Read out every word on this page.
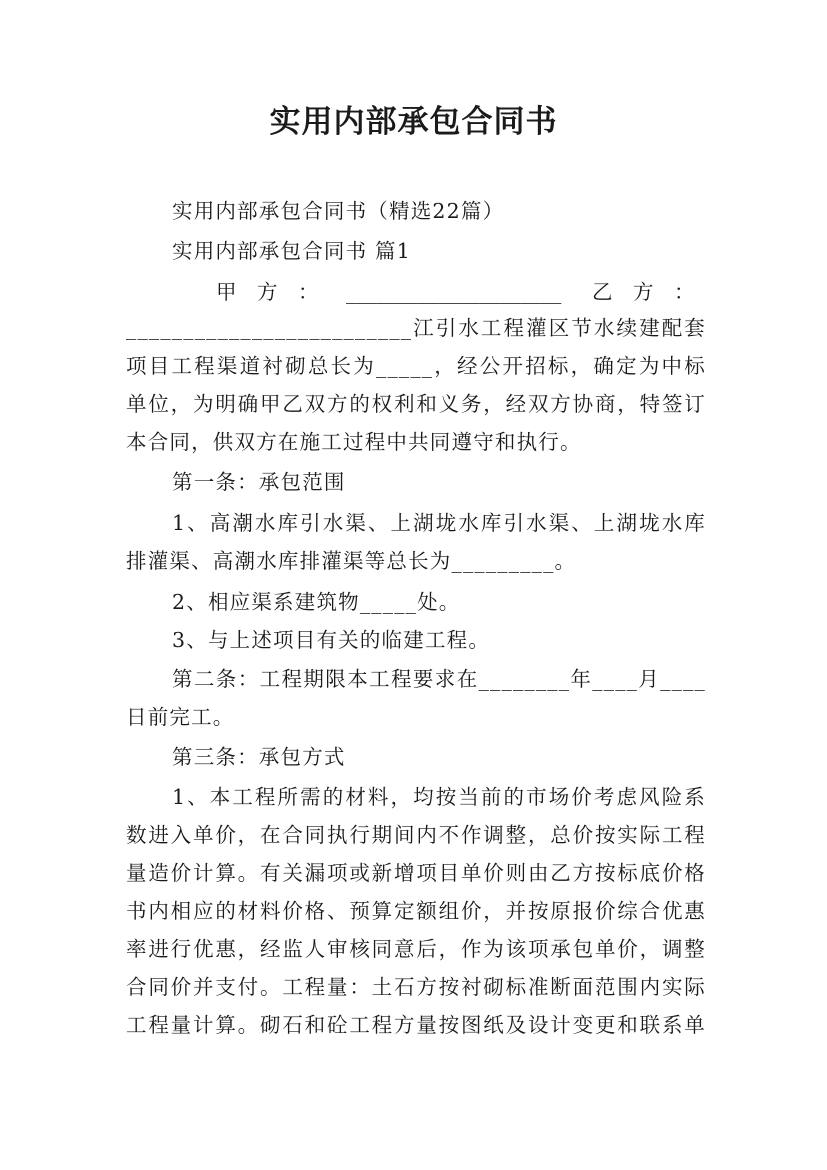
实用内部承包合同书
实用内部承包合同书（精选22篇）
实用内部承包合同书 篇1
甲　方　： _____________________ 乙　方　：
_________________________江引水工程灌区节水续建配套
项目工程渠道衬砌总长为_____，经公开招标，确定为中标
单位，为明确甲乙双方的权利和义务，经双方协商，特签订
本合同，供双方在施工过程中共同遵守和执行。
第一条：承包范围
1、高潮水库引水渠、上湖垅水库引水渠、上湖垅水库
排灌渠、高潮水库排灌渠等总长为_________。
2、相应渠系建筑物_____处。
3、与上述项目有关的临建工程。
第二条：工程期限本工程要求在________年____月____
日前完工。
第三条：承包方式
1、本工程所需的材料，均按当前的市场价考虑风险系
数进入单价，在合同执行期间内不作调整，总价按实际工程
量造价计算。有关漏项或新增项目单价则由乙方按标底价格
书内相应的材料价格、预算定额组价，并按原报价综合优惠
率进行优惠，经监人审核同意后，作为该项承包单价，调整
合同价并支付。工程量：土石方按衬砌标准断面范围内实际
工程量计算。砌石和砼工程方量按图纸及设计变更和联系单
